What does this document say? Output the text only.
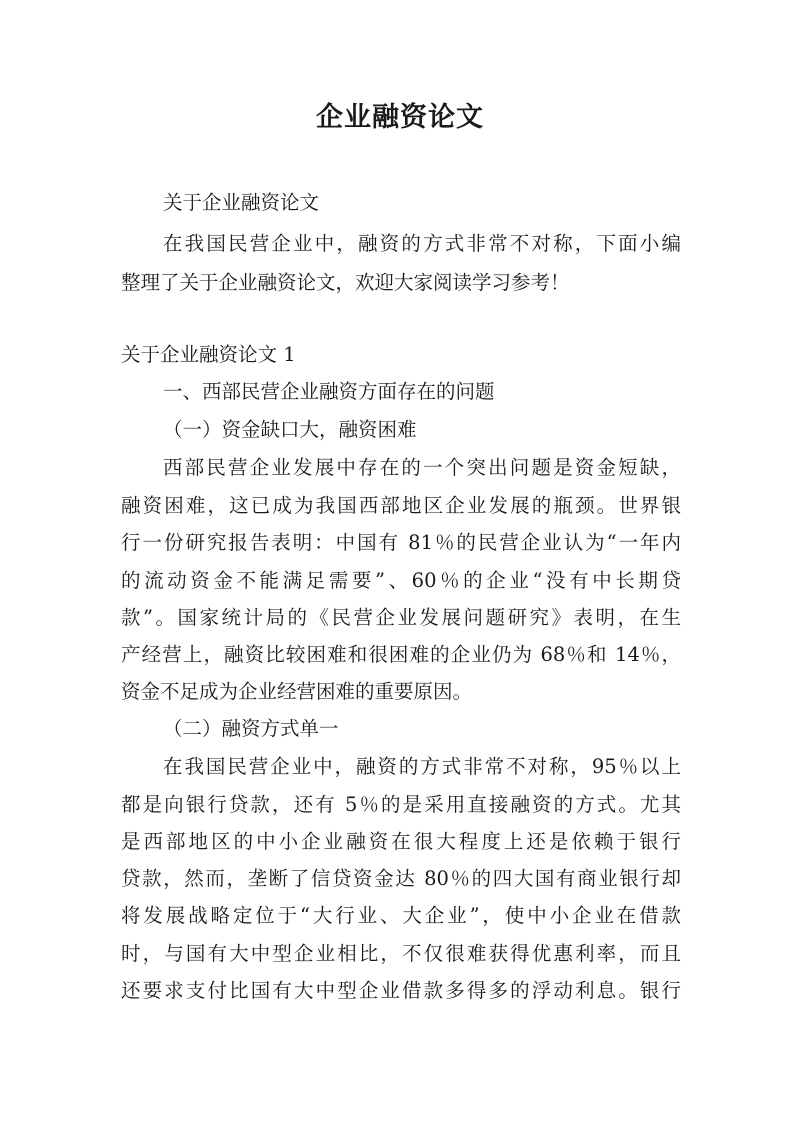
企业融资论文
关于企业融资论文
在我国民营企业中，融资的方式非常不对称，下面小编
整理了关于企业融资论文，欢迎大家阅读学习参考！
关于企业融资论文 1
一、西部民营企业融资方面存在的问题
（一）资金缺口大，融资困难
西部民营企业发展中存在的一个突出问题是资金短缺，
融资困难，这已成为我国西部地区企业发展的瓶颈。世界银
行一份研究报告表明：中国有 81％的民营企业认为“一年内
的流动资金不能满足需要”、60％的企业“没有中长期贷
款”。国家统计局的《民营企业发展问题研究》表明，在生
产经营上，融资比较困难和很困难的企业仍为 68％和 14％，
资金不足成为企业经营困难的重要原因。
（二）融资方式单一
在我国民营企业中，融资的方式非常不对称，95％以上
都是向银行贷款，还有 5％的是采用直接融资的方式。尤其
是西部地区的中小企业融资在很大程度上还是依赖于银行
贷款，然而，垄断了信贷资金达 80％的四大国有商业银行却
将发展战略定位于“大行业、大企业”，使中小企业在借款
时，与国有大中型企业相比，不仅很难获得优惠利率，而且
还要求支付比国有大中型企业借款多得多的浮动利息。银行
